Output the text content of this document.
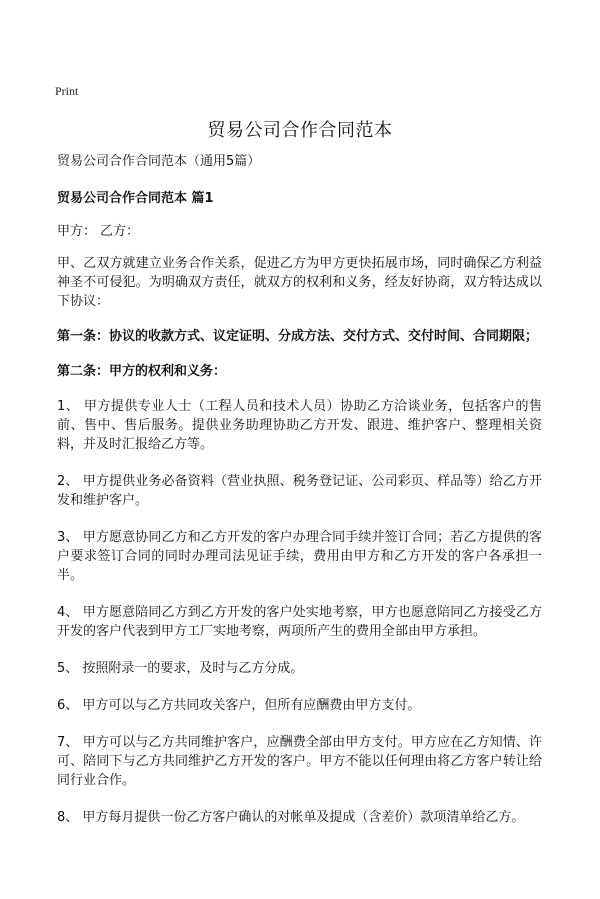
Print
贸易公司合作合同范本

贸易公司合作合同范本（通用5篇）

贸易公司合作合同范本 篇1

甲方： 乙方：

甲、乙双方就建立业务合作关系，促进乙方为甲方更快拓展市场，同时确保乙方利益神圣不可侵犯。为明确双方责任，就双方的权利和义务，经友好协商，双方特达成以下协议：

第一条：协议的收款方式、议定证明、分成方法、交付方式、交付时间、合同期限；

第二条：甲方的权利和义务：

1、 甲方提供专业人士（工程人员和技术人员）协助乙方洽谈业务，包括客户的售前、售中、售后服务。提供业务助理协助乙方开发、跟进、维护客户、整理相关资料，并及时汇报给乙方等。

2、 甲方提供业务必备资料（营业执照、税务登记证、公司彩页、样品等）给乙方开发和维护客户。

3、 甲方愿意协同乙方和乙方开发的客户办理合同手续并签订合同；若乙方提供的客户要求签订合同的同时办理司法见证手续，费用由甲方和乙方开发的客户各承担一半。

4、 甲方愿意陪同乙方到乙方开发的客户处实地考察，甲方也愿意陪同乙方接受乙方开发的客户代表到甲方工厂实地考察，两项所产生的费用全部由甲方承担。

5、 按照附录一的要求，及时与乙方分成。

6、 甲方可以与乙方共同攻关客户，但所有应酬费由甲方支付。

7、 甲方可以与乙方共同维护客户，应酬费全部由甲方支付。甲方应在乙方知情、许可、陪同下与乙方共同维护乙方开发的客户。甲方不能以任何理由将乙方客户转让给同行业合作。

8、 甲方每月提供一份乙方客户确认的对帐单及提成（含差价）款项清单给乙方。
